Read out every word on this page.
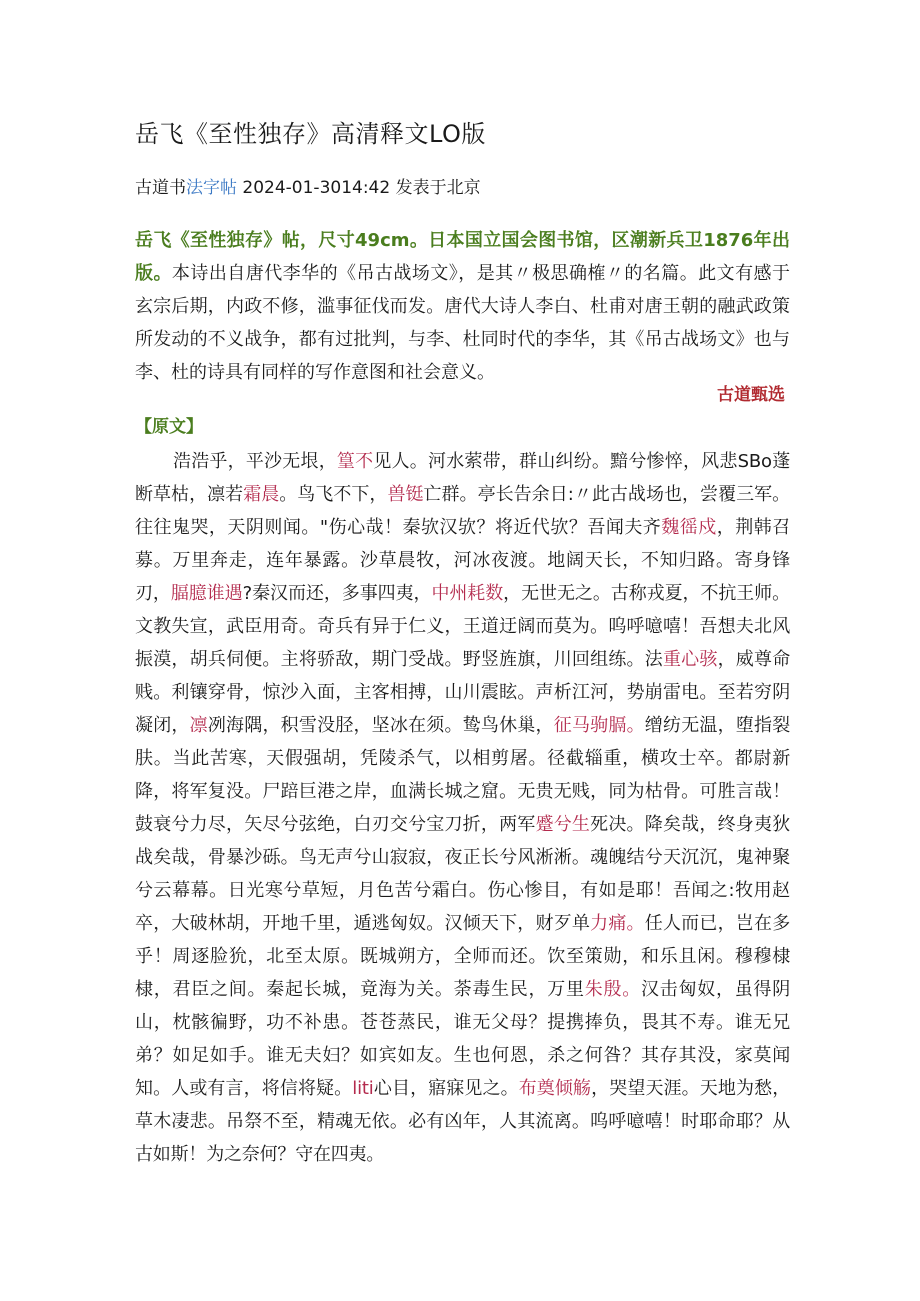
岳飞《至性独存》高清释文LO版
古道书法字帖 2024-01-3014:42 发表于北京
岳飞《至性独存》帖，尺寸49cm。日本国立国会图书馆，区潮新兵卫1876年出版。本诗出自唐代李华的《吊古战场文》，是其〃极思确榷〃的名篇。此文有感于玄宗后期，内政不修，滥事征伐而发。唐代大诗人李白、杜甫对唐王朝的融武政策所发动的不义战争，都有过批判，与李、杜同时代的李华，其《吊古战场文》也与李、杜的诗具有同样的写作意图和社会意义。
古道甄选
【原文】
浩浩乎，平沙无垠，篁不见人。河水萦带，群山纠纷。黯兮惨悴，风悲SBo蓬断草枯，凛若霜晨。鸟飞不下，兽铤亡群。亭长告余日:〃此古战场也，尝覆三军。往往鬼哭，天阴则闻。"伤心哉！秦欤汉欤？将近代欤？吾闻夫齐魏徭戍，荆韩召募。万里奔走，连年暴露。沙草晨牧，河冰夜渡。地阔天长，不知归路。寄身锋刃，腷臆谁遇?秦汉而还，多事四夷，中州耗数，无世无之。古称戎夏，不抗王师。文教失宣，武臣用奇。奇兵有异于仁义，王道迂阔而莫为。呜呼噫嘻！吾想夫北风振漠，胡兵伺便。主将骄敌，期门受战。野竖旌旗，川回组练。法重心骇，威尊命贱。利镶穿骨，惊沙入面，主客相搏，山川震眩。声析江河，势崩雷电。至若穷阴凝闭，凛冽海隅，积雪没胫，坚冰在须。鸷鸟休巢，征马驹膈。缯纺无温，堕指裂肤。当此苦寒，天假强胡，凭陵杀气，以相剪屠。径截辎重，横攻士卒。都尉新降，将军复没。尸踣巨港之岸，血满长城之窟。无贵无贱，同为枯骨。可胜言哉！鼓衰兮力尽，矢尽兮弦绝，白刃交兮宝刀折，两军蹙兮生死决。降矣哉，终身夷狄战矣哉，骨暴沙砾。鸟无声兮山寂寂，夜正长兮风淅淅。魂魄结兮天沉沉，鬼神聚兮云幕幕。日光寒兮草短，月色苦兮霜白。伤心惨目，有如是耶！吾闻之:牧用赵卒，大破林胡，开地千里，遁逃匈奴。汉倾天下，财歹单力痛。任人而已，岂在多乎！周逐脸狁，北至太原。既城朔方，全师而还。饮至策勋，和乐且闲。穆穆棣棣，君臣之间。秦起长城，竟海为关。荼毒生民，万里朱殷。汉击匈奴，虽得阴山，枕骸徧野，功不补患。苍苍蒸民，谁无父母？提携捧负，畏其不寿。谁无兄弟？如足如手。谁无夫妇？如宾如友。生也何恩，杀之何咎？其存其没，家莫闻知。人或有言，将信将疑。liti心目，寤寐见之。布奠倾觞，哭望天涯。天地为愁，草木凄悲。吊祭不至，精魂无依。必有凶年，人其流离。呜呼噫嘻！时耶命耶？从古如斯！为之奈何？守在四夷。
